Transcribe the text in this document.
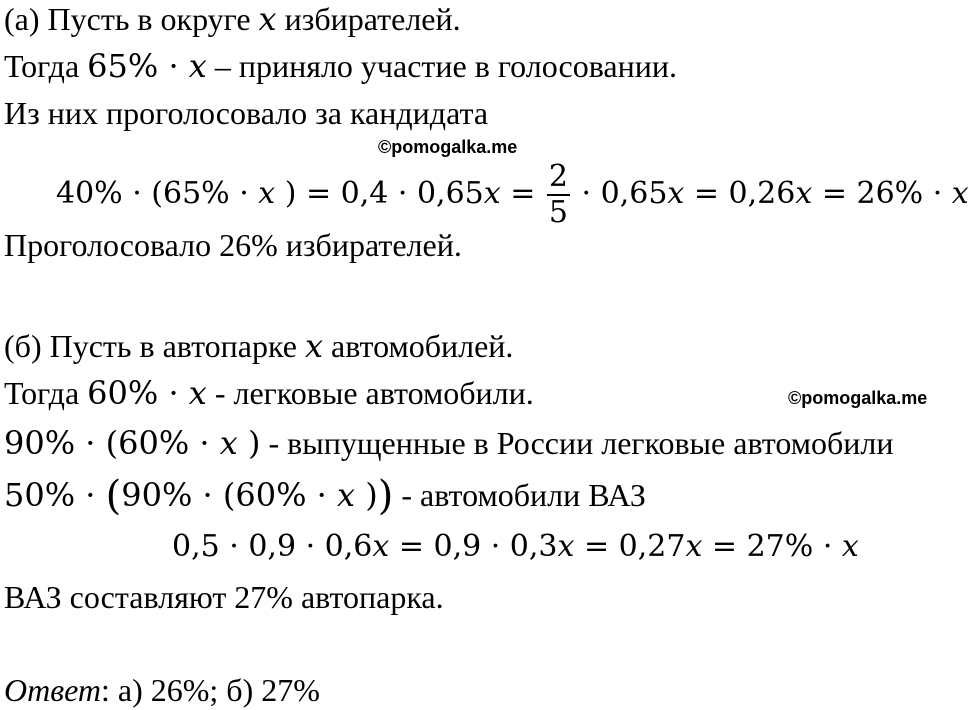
(а) Пусть в округе x избирателей.
Тогда 65% · x – приняло участие в голосовании.
Из них проголосовало за кандидата
©pomogalka.me
40% · (65% · x ) = $0,4 \cdot 0,65x = \frac{2}{5} \cdot 0,65x = 0,26x = 26\% \cdot x$
Проголосовало 26% избирателей.
(б) Пусть в автопарке x автомобилей.
Тогда 60% · x - легковые автомобили.	©pomogalka.me
90% · (60% · x ) - выпущенные в России легковые автомобили
50% · (90% · (60% · x )) - автомобили ВАЗ
0,5 · 0,9 · 0,6x = 0,9 · 0,3x = 0,27x = 27% · x
ВАЗ составляют 27% автопарка.
Ответ: а) 26%; б) 27%
